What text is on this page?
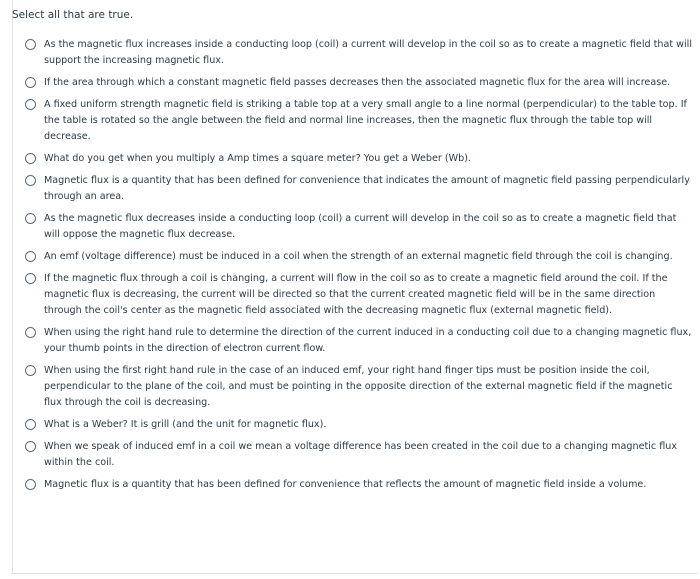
Select all that are true.
As the magnetic flux increases inside a conducting loop (coil) a current will develop in the coil so as to create a magnetic field that will support the increasing magnetic flux.
If the area through which a constant magnetic field passes decreases then the associated magnetic flux for the area will increase.
A fixed uniform strength magnetic field is striking a table top at a very small angle to a line normal (perpendicular) to the table top. If the table is rotated so the angle between the field and normal line increases, then the magnetic flux through the table top will decrease.
What do you get when you multiply a Amp times a square meter? You get a Weber (Wb).
Magnetic flux is a quantity that has been defined for convenience that indicates the amount of magnetic field passing perpendicularly through an area.
As the magnetic flux decreases inside a conducting loop (coil) a current will develop in the coil so as to create a magnetic field that will oppose the magnetic flux decrease.
An emf (voltage difference) must be induced in a coil when the strength of an external magnetic field through the coil is changing.
If the magnetic flux through a coil is changing, a current will flow in the coil so as to create a magnetic field around the coil. If the magnetic flux is decreasing, the current will be directed so that the current created magnetic field will be in the same direction through the coil's center as the magnetic field associated with the decreasing magnetic flux (external magnetic field).
When using the right hand rule to determine the direction of the current induced in a conducting coil due to a changing magnetic flux, your thumb points in the direction of electron current flow.
When using the first right hand rule in the case of an induced emf, your right hand finger tips must be position inside the coil, perpendicular to the plane of the coil, and must be pointing in the opposite direction of the external magnetic field if the magnetic flux through the coil is decreasing.
What is a Weber? It is grill (and the unit for magnetic flux).
When we speak of induced emf in a coil we mean a voltage difference has been created in the coil due to a changing magnetic flux within the coil.
Magnetic flux is a quantity that has been defined for convenience that reflects the amount of magnetic field inside a volume.
